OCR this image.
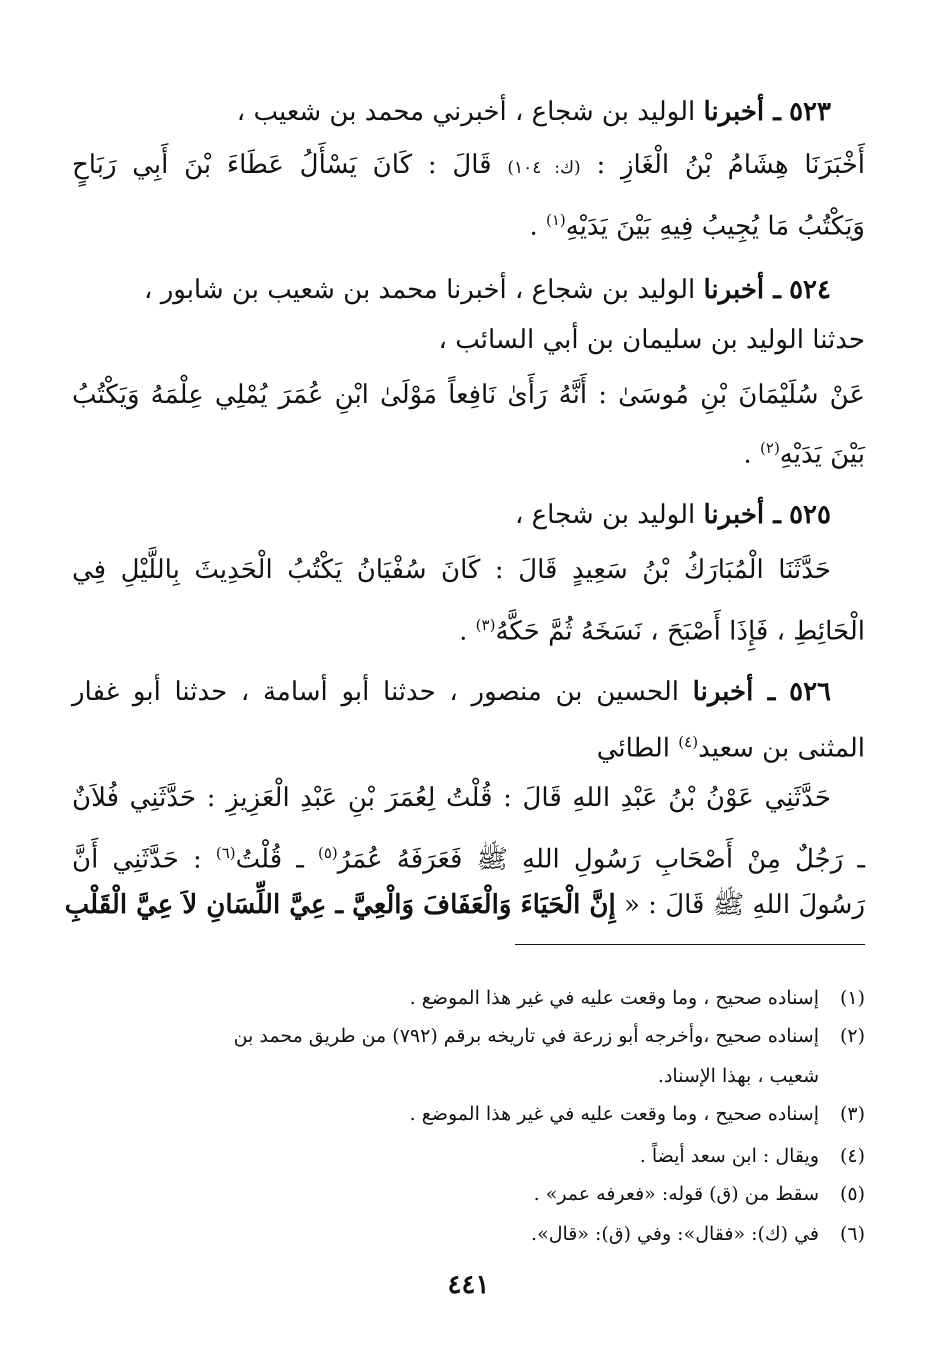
٥٢٣ ـ أخبرنا الوليد بن شجاع ، أخبرني محمد بن شعيب ،
أَخْبَرَنَا هِشَامُ بْنُ الْغَازِ : (ك: ١٠٤) قَالَ : كَانَ يَسْأَلُ عَطَاءَ بْنَ أَبِي رَبَاحٍ
وَيَكْتُبُ مَا يُجِيبُ فِيهِ بَيْنَ يَدَيْهِ$^{(١)}$ .
٥٢٤ ـ أخبرنا الوليد بن شجاع ، أخبرنا محمد بن شعيب بن شابور ،
حدثنا الوليد بن سليمان بن أبي السائب ،
عَنْ سُلَيْمَانَ بْنِ مُوسَىٰ : أَنَّهُ رَأَىٰ نَافِعاً مَوْلَىٰ ابْنِ عُمَرَ يُمْلِي عِلْمَهُ وَيَكْتُبُ
بَيْنَ يَدَيْهِ$^{(٢)}$ .
٥٢٥ ـ أخبرنا الوليد بن شجاع ،
حَدَّثَنَا الْمُبَارَكُ بْنُ سَعِيدٍ قَالَ : كَانَ سُفْيَانُ يَكْتُبُ الْحَدِيثَ بِاللَّيْلِ فِي
الْحَائِطِ ، فَإِذَا أَصْبَحَ ، نَسَخَهُ ثُمَّ حَكَّهُ$^{(٣)}$ .
٥٢٦ ـ أخبرنا الحسين بن منصور ، حدثنا أبو أسامة ، حدثنا أبو غفار
المثنى بن سعيد$^{(٤)}$ الطائي
حَدَّثَنِي عَوْنُ بْنُ عَبْدِ اللهِ قَالَ : قُلْتُ لِعُمَرَ بْنِ عَبْدِ الْعَزِيزِ : حَدَّثَنِي فُلاَنٌ
ـ رَجُلٌ مِنْ أَصْحَابِ رَسُولِ اللهِ ﷺ فَعَرَفَهُ عُمَرُ$^{(٥)}$ ـ قُلْتُ$^{(٦)}$ : حَدَّثَنِي أَنَّ
رَسُولَ اللهِ ﷺ قَالَ : « إِنَّ الْحَيَاءَ وَالْعَفَافَ وَالْعِيَّ ـ عِيَّ اللِّسَانِ لاَ عِيَّ الْقَلْبِ
(١)إسناده صحيح ، وما وقعت عليه في غير هذا الموضع .
(٢)إسناده صحيح ،وأخرجه أبو زرعة في تاريخه برقم (٧٩٢) من طريق محمد بن
شعيب ، بهذا الإسناد.
(٣)إسناده صحيح ، وما وقعت عليه في غير هذا الموضع .
(٤)ويقال : ابن سعد أيضاً .
(٥)سقط من (ق) قوله: «فعرفه عمر» .
(٦)في (ك): «فقال»: وفي (ق): «قال».
٤٤١
